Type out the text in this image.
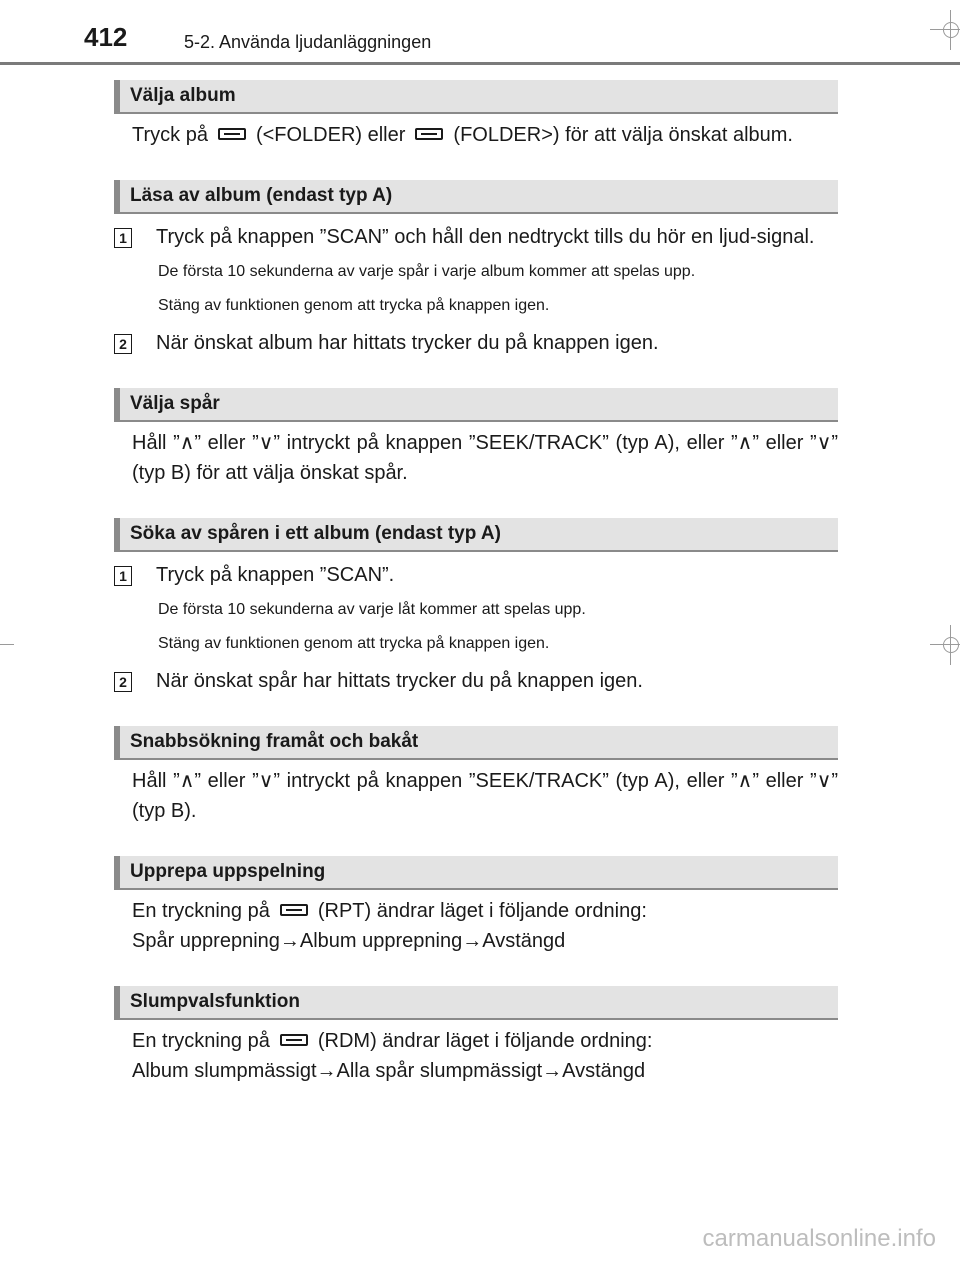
412	5-2. Använda ljudanläggningen
Välja album
Tryck på (<FOLDER) eller (FOLDER>) för att välja önskat album.
Läsa av album (endast typ A)
1 Tryck på knappen ”SCAN” och håll den nedtryckt tills du hör en ljud-signal.
De första 10 sekunderna av varje spår i varje album kommer att spelas upp.
Stäng av funktionen genom att trycka på knappen igen.
2 När önskat album har hittats trycker du på knappen igen.
Välja spår
Håll ”∧” eller ”∨” intryckt på knappen ”SEEK/TRACK” (typ A), eller ”∧” eller ”∨” (typ B) för att välja önskat spår.
Söka av spåren i ett album (endast typ A)
1 Tryck på knappen ”SCAN”.
De första 10 sekunderna av varje låt kommer att spelas upp.
Stäng av funktionen genom att trycka på knappen igen.
2 När önskat spår har hittats trycker du på knappen igen.
Snabbsökning framåt och bakåt
Håll ”∧” eller ”∨” intryckt på knappen ”SEEK/TRACK” (typ A), eller ”∧” eller ”∨” (typ B).
Upprepa uppspelning
En tryckning på (RPT) ändrar läget i följande ordning:
Spår upprepning→Album upprepning→Avstängd
Slumpvalsfunktion
En tryckning på (RDM) ändrar läget i följande ordning:
Album slumpmässigt→Alla spår slumpmässigt→Avstängd
carmanualsonline.info
